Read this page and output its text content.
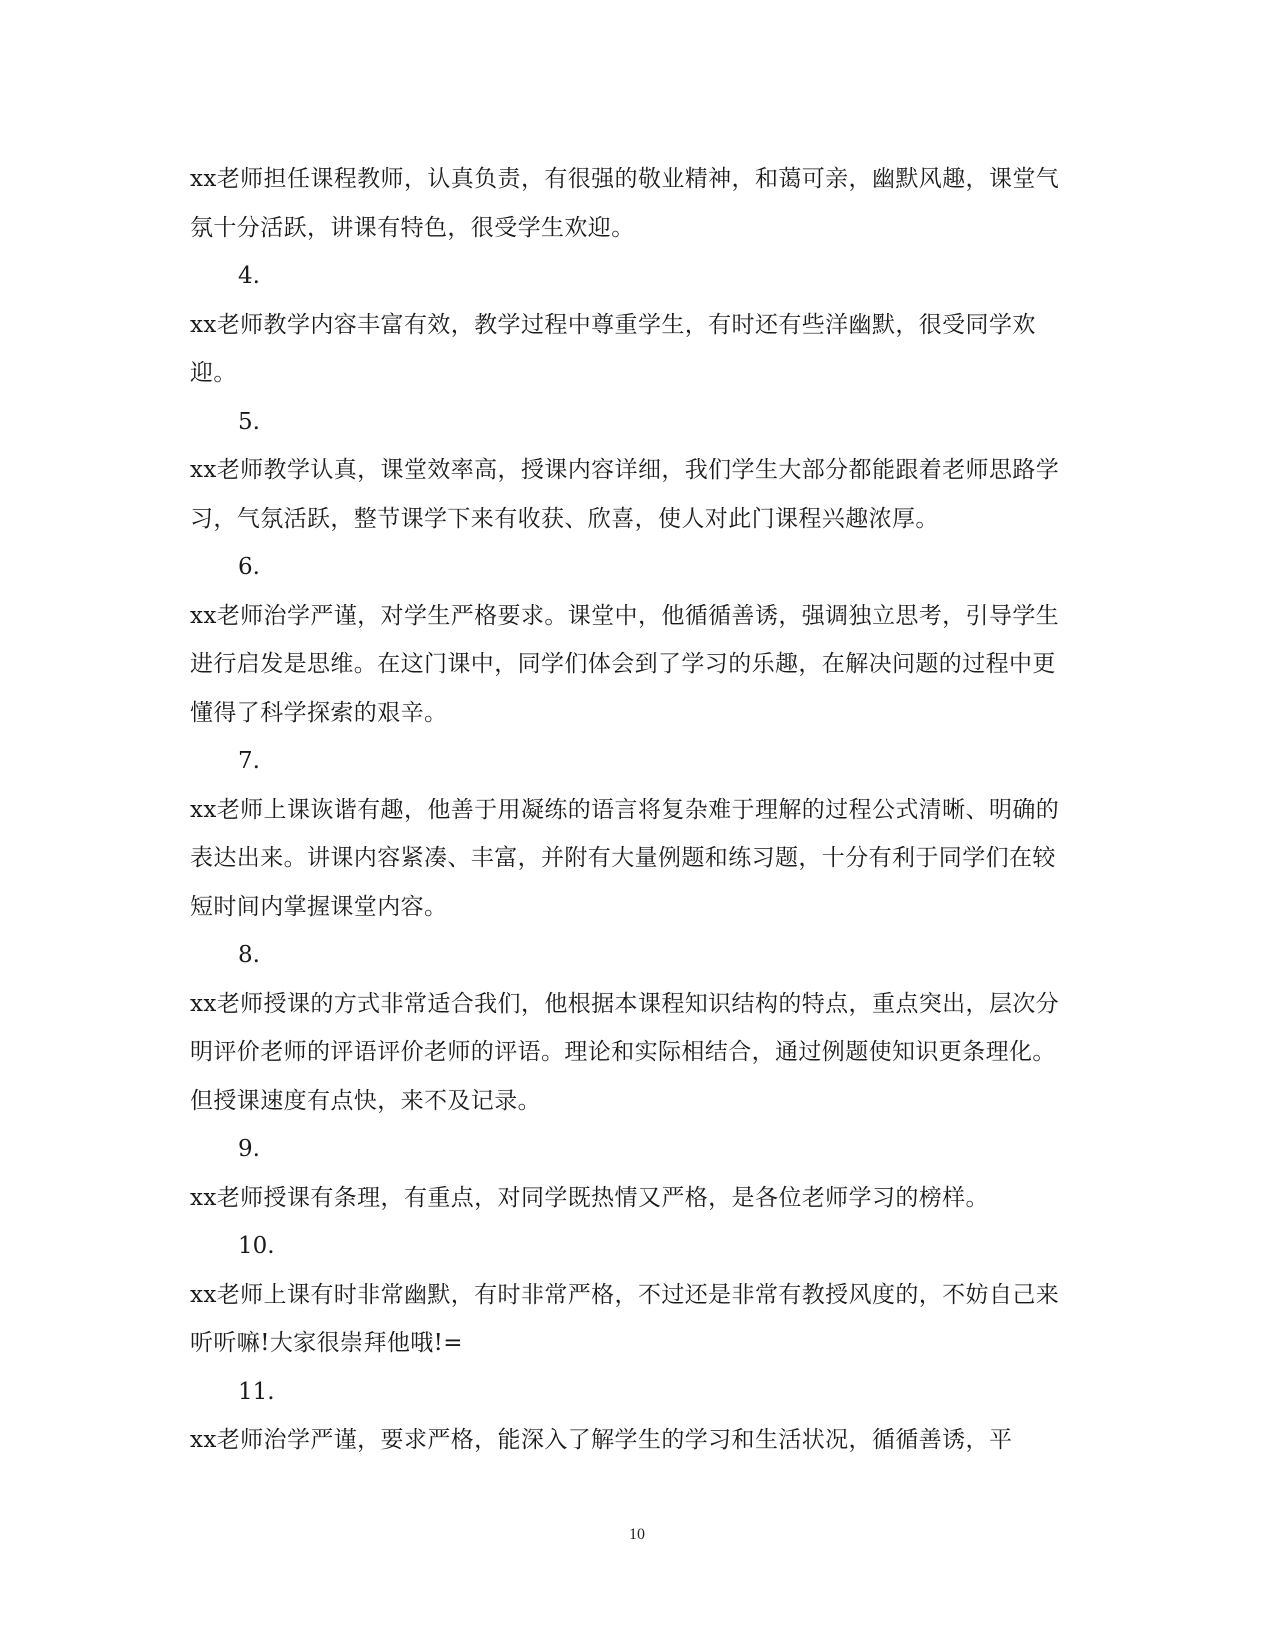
xx老师担任课程教师，认真负责，有很强的敬业精神，和蔼可亲，幽默风趣，课堂气氛十分活跃，讲课有特色，很受学生欢迎。

4.

xx老师教学内容丰富有效，教学过程中尊重学生，有时还有些洋幽默，很受同学欢迎。

5.

xx老师教学认真，课堂效率高，授课内容详细，我们学生大部分都能跟着老师思路学习，气氛活跃，整节课学下来有收获、欣喜，使人对此门课程兴趣浓厚。

6.

xx老师治学严谨，对学生严格要求。课堂中，他循循善诱，强调独立思考，引导学生进行启发是思维。在这门课中，同学们体会到了学习的乐趣，在解决问题的过程中更懂得了科学探索的艰辛。

7.

xx老师上课诙谐有趣，他善于用凝练的语言将复杂难于理解的过程公式清晰、明确的表达出来。讲课内容紧凑、丰富，并附有大量例题和练习题，十分有利于同学们在较短时间内掌握课堂内容。

8.

xx老师授课的方式非常适合我们，他根据本课程知识结构的特点，重点突出，层次分明评价老师的评语评价老师的评语。理论和实际相结合，通过例题使知识更条理化。但授课速度有点快，来不及记录。

9.

xx老师授课有条理，有重点，对同学既热情又严格，是各位老师学习的榜样。

10.

xx老师上课有时非常幽默，有时非常严格，不过还是非常有教授风度的，不妨自己来听听嘛!大家很崇拜他哦!=

11.

xx老师治学严谨，要求严格，能深入了解学生的学习和生活状况，循循善诱，平

10
